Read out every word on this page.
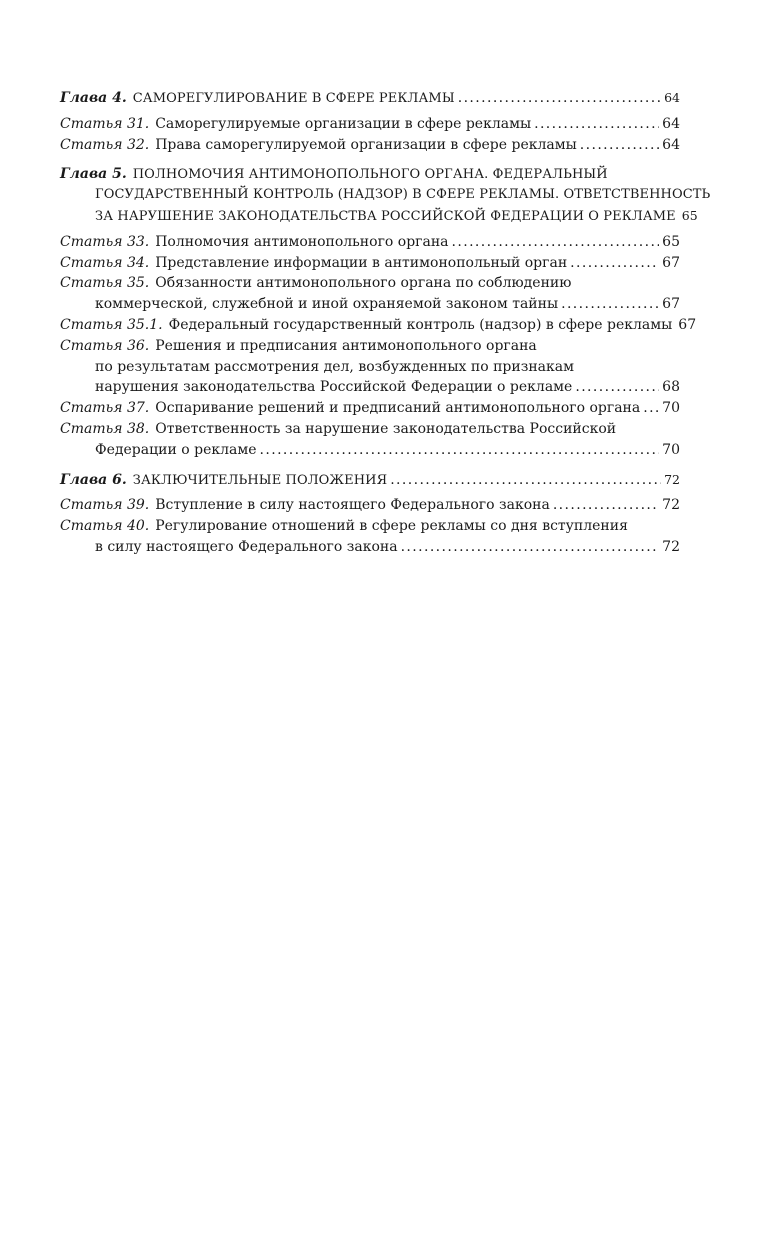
Глава 4. САМОРЕГУЛИРОВАНИЕ В СФЕРЕ РЕКЛАМЫ .....	64
Статья 31. Саморегулируемые организации в сфере рекламы .....	64
Статья 32. Права саморегулируемой организации в сфере рекламы .....	64
Глава 5. ПОЛНОМОЧИЯ АНТИМОНОПОЛЬНОГО ОРГАНА. ФЕДЕРАЛЬНЫЙ
ГОСУДАРСТВЕННЫЙ КОНТРОЛЬ (НАДЗОР) В СФЕРЕ РЕКЛАМЫ. ОТВЕТСТВЕННОСТЬ
ЗА НАРУШЕНИЕ ЗАКОНОДАТЕЛЬСТВА РОССИЙСКОЙ ФЕДЕРАЦИИ О РЕКЛАМЕ 65
Статья 33. Полномочия антимонопольного органа .....	65
Статья 34. Представление информации в антимонопольный орган .....	67
Статья 35. Обязанности антимонопольного органа по соблюдению
коммерческой, служебной и иной охраняемой законом тайны .....	67
Статья 35.1. Федеральный государственный контроль (надзор) в сфере рекламы 67
Статья 36. Решения и предписания антимонопольного органа
по результатам рассмотрения дел, возбужденных по признакам
нарушения законодательства Российской Федерации о рекламе .....	68
Статья 37. Оспаривание решений и предписаний антимонопольного органа ..... 70
Статья 38. Ответственность за нарушение законодательства Российской
Федерации о рекламе .....	70
Глава 6. ЗАКЛЮЧИТЕЛЬНЫЕ ПОЛОЖЕНИЯ .....	72
Статья 39. Вступление в силу настоящего Федерального закона .....	72
Статья 40. Регулирование отношений в сфере рекламы со дня вступления
в силу настоящего Федерального закона .....	72
